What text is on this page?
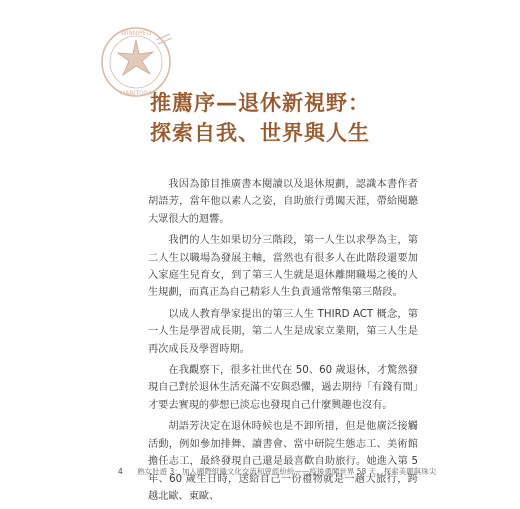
WINNIPEG
MANITOBA
推薦序—退休新視野：
探索自我、世界與人生

我因為節目推廣書本閱讀以及退休規劃，認識本書作者胡語芳，當年他以素人之姿，自助旅行勇闖天涯，帶給閱聽大眾很大的迴響。

我們的人生如果切分三階段，第一人生以求學為主，第二人生以職場為發展主軸，當然也有很多人在此階段還要加入家庭生兒育女，到了第三人生就是退休離開職場之後的人生規劃，而真正為自己精彩人生負責通常幣集第三階段。

以成人教育學家提出的第三人生 THIRD ACT 概念，第一人生是學習成長期，第二人生是成家立業期，第三人生是再次成長及學習時期。

在我觀察下，很多社世代在 50、60 歲退休，才驚然發現自己對於退休生活充滿不安與恐懼，過去期待「有錢有閒」才要去實現的夢想已淡忘也發現自己什麼興趣也沒有。

胡語芳決定在退休時候也是不卸所措，但是他廣泛接觸活動，例如參加排舞、讀書會、當中研院生態志工、美術館擔任志工，最終發現自己還是最喜歡自助旅行。她進入第 5 年、60 歲生日時，送給自己一份禮物就是一趟大旅行，跨越北歐、東歐、

4 熟女壯遊 3：加入國際組織文化交流和曾經紛紛——疫後勇闖世界 58 天，探索美麗與珠尖
